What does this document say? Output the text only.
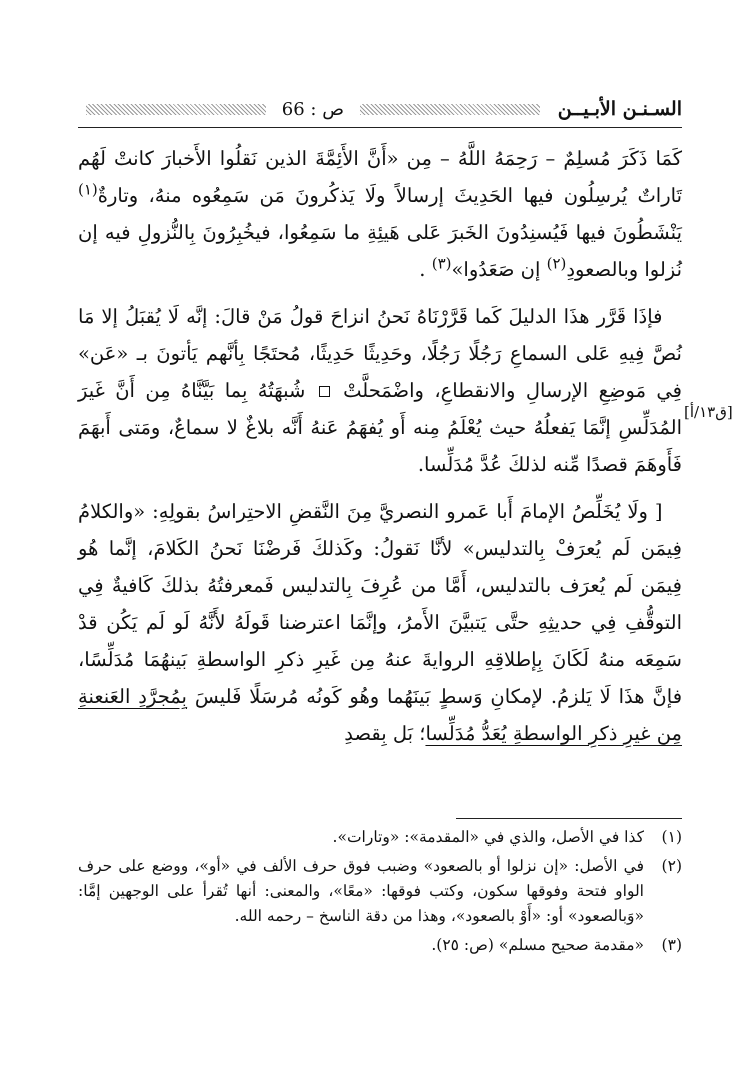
السـنـن الأبـيــن
ص : 66

كَمَا ذَكَرَ مُسلِمٌ – رَحِمَهُ اللَّهُ – مِن «أَنَّ الأَئِمَّةَ الذين نَقلُوا الأَخبارَ كانتْ لَهُم تَاراتٌ يُرسِلُون فيها الحَدِيثَ إرسالاً ولَا يَذكُرونَ مَن سَمِعُوه منهُ، وتارةٌ$^{(١)}$ يَنْشَطُونَ فيها فَيُسنِدُونَ الخَبرَ عَلى هَيئِةِ ما سَمِعُوا، فيخُبِرُونَ بِالنُّزولِ فيه إن نُزلوا وبالصعودِ$^{(٢)}$ إن صَعَدُوا»$^{(٣)}$ .

 فإذَا قَرَّر هذَا الدليلَ كَما قَرَّرْنَاهُ نَحنُ انزاحَ قولُ مَنْ قالَ: إنَّه لَا يُقبَلُ إلا مَا نُصَّ فِيهِ عَلى السماعِ رَجُلًا رَجُلًا، وحَدِيثًا حَدِيثًا، مُحتَجًا بِأنَّهم يَأتونَ بـ «عَن» فِي مَوضِعِ الإرسالِ والانقطاعِ، واضْمَحلَّتْ  شُبهَتُهُ بِما بَيَّنَّاهُ مِن أَنَّ غَيرَ المُدَلِّسِ إنَّمَا يَفعلُهُ حيث يُعْلَمُ مِنه أَو يُفهَمُ عَنهُ أَنَّه بلاغٌ لا سماعٌ، ومَتى أَبهَمَ فَأَوهَمَ قصدًا مِّنه لذلكَ عُدَّ مُدَلِّسا.

 [ ولَا يُخَلِّصُ الإمامَ أَبا عَمرو النصريَّ مِنَ النَّقضِ الاحتِراسُ بقولِهِ: «والكلامُ فِيمَن لَم يُعرَفْ بِالتدليس» لأنَّا نَقولُ: وكَذلكَ فَرضْنَا نَحنُ الكَلامَ، إنَّما هُو فِيمَن لَم يُعرَف بالتدليس، أَمَّا من عُرِفَ بِالتدليس فَمعرفتُهُ بذلكَ كَافيةٌ فِي التوقُّفِ فِي حديثِهِ حتَّى يَتبيَّنَ الأَمرُ، وإنَّمَا اعترضنا قَولَهُ لأَنَّهُ لَو لَم يَكُن قدْ سَمِعَه منهُ لَكَانَ بِإطلاقِهِ الروايةَ عنهُ مِن غَيرِ ذكرِ الواسطةِ بَينهُمَا مُدَلِّسًا، فإنَّ هذَا لَا يَلزمُ. لإمكانِ وَسطٍ بَينَهُما وهُو كَونُه مُرسَلًا فَليسَ بِمُجرَّدِ العَنعنةِ مِن غيرِ ذكرِ الواسطةِ يُعَدُّ مُدَلِّسا؛ بَل بِقصدِ

[ق١٣/أ]
(١)
كذا في الأصل، والذي في «المقدمة»: «وتارات».
(٢)
في الأصل: «إن نزلوا أو بالصعود» وضبب فوق حرف الألف في «أو»، ووضع على حرف الواو فتحة وفوقها سكون، وكتب فوقها: «معًا»، والمعنى: أنها تُقرأ على الوجهين إمَّا: «وَبالصعود» أو: «أَوْ بالصعود»، وهذا من دقة الناسخ – رحمه الله.
(٣)
«مقدمة صحيح مسلم» (ص: ٢٥).
